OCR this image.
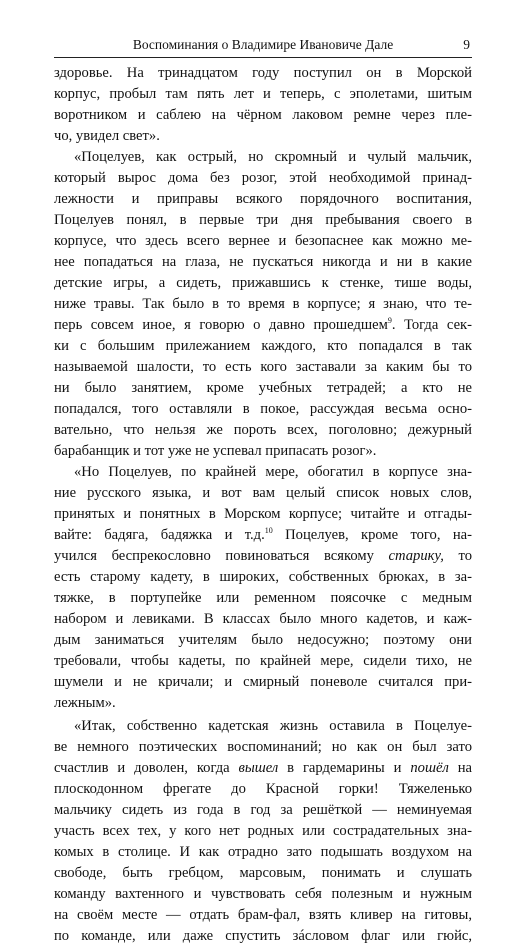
Воспоминания о Владимире Ивановиче Дале	9
здоровье. На тринадцатом году поступил он в Морской
корпус, пробыл там пять лет и теперь, с эполетами, шитым
воротником и саблею на чёрном лаковом ремне через пле-
чо, увидел свет».
«Поцелуев, как острый, но скромный и чулый мальчик,
который вырос дома без розог, этой необходимой принад-
лежности и приправы всякого порядочного воспитания,
Поцелуев понял, в первые три дня пребывания своего в
корпусе, что здесь всего вернее и безопаснее как можно ме-
нее попадаться на глаза, не пускаться никогда и ни в какие
детские игры, а сидеть, прижавшись к стенке, тише воды,
ниже травы. Так было в то время в корпусе; я знаю, что те-
перь совсем иное, я говорю о давно прошедшем$^9$. Тогда сек-
ки с большим прилежанием каждого, кто попадался в так
называемой шалости, то есть кого заставали за каким бы то
ни было занятием, кроме учебных тетрадей; а кто не
попадался, того оставляли в покое, рассуждая весьма осно-
вательно, что нельзя же пороть всех, поголовно; дежурный
барабанщик и тот уже не успевал припасать розог».
«Но Поцелуев, по крайней мере, обогатил в корпусе зна-
ние русского языка, и вот вам целый список новых слов,
принятых и понятных в Морском корпусе; читайте и отгады-
вайте: бадяга, бадяжка и т.д.$^{10}$ Поцелуев, кроме того, на-
учился беспрекословно повиноваться всякому старику, то
есть старому кадету, в широких, собственных брюках, в за-
тяжке, в портупейке или ременном поясочке с медным
набором и левиками. В классах было много кадетов, и кaж-
дым заниматься учителям было недосужно; поэтому они
требовали, чтобы кадеты, по крайней мере, сидели тихо, не
шумели и не кричали; и смирный поневоле считался при-
лежным».
«Итак, собственно кадетская жизнь оставила в Поцелуе-
ве немного поэтических воспоминаний; но как он был зато
счастлив и доволен, когда вышел в гардемарины и пошёл на
плоскодонном фрегате до Красной горки! Тяжеленько
мальчику сидеть из года в год за решёткой — неминуемая
участь всех тех, у кого нет родных или сострадательных зна-
комых в столице. И как отрадно зато подышать воздухом на
свободе, быть гребцом, марсовым, понимать и слушать
команду вахтенного и чувствовать себя полезным и нужным
на своём месте — отдать брам-фал, взять кливер на гитовы,
по команде, или даже спустить зáсловом флаг или гюйс,
